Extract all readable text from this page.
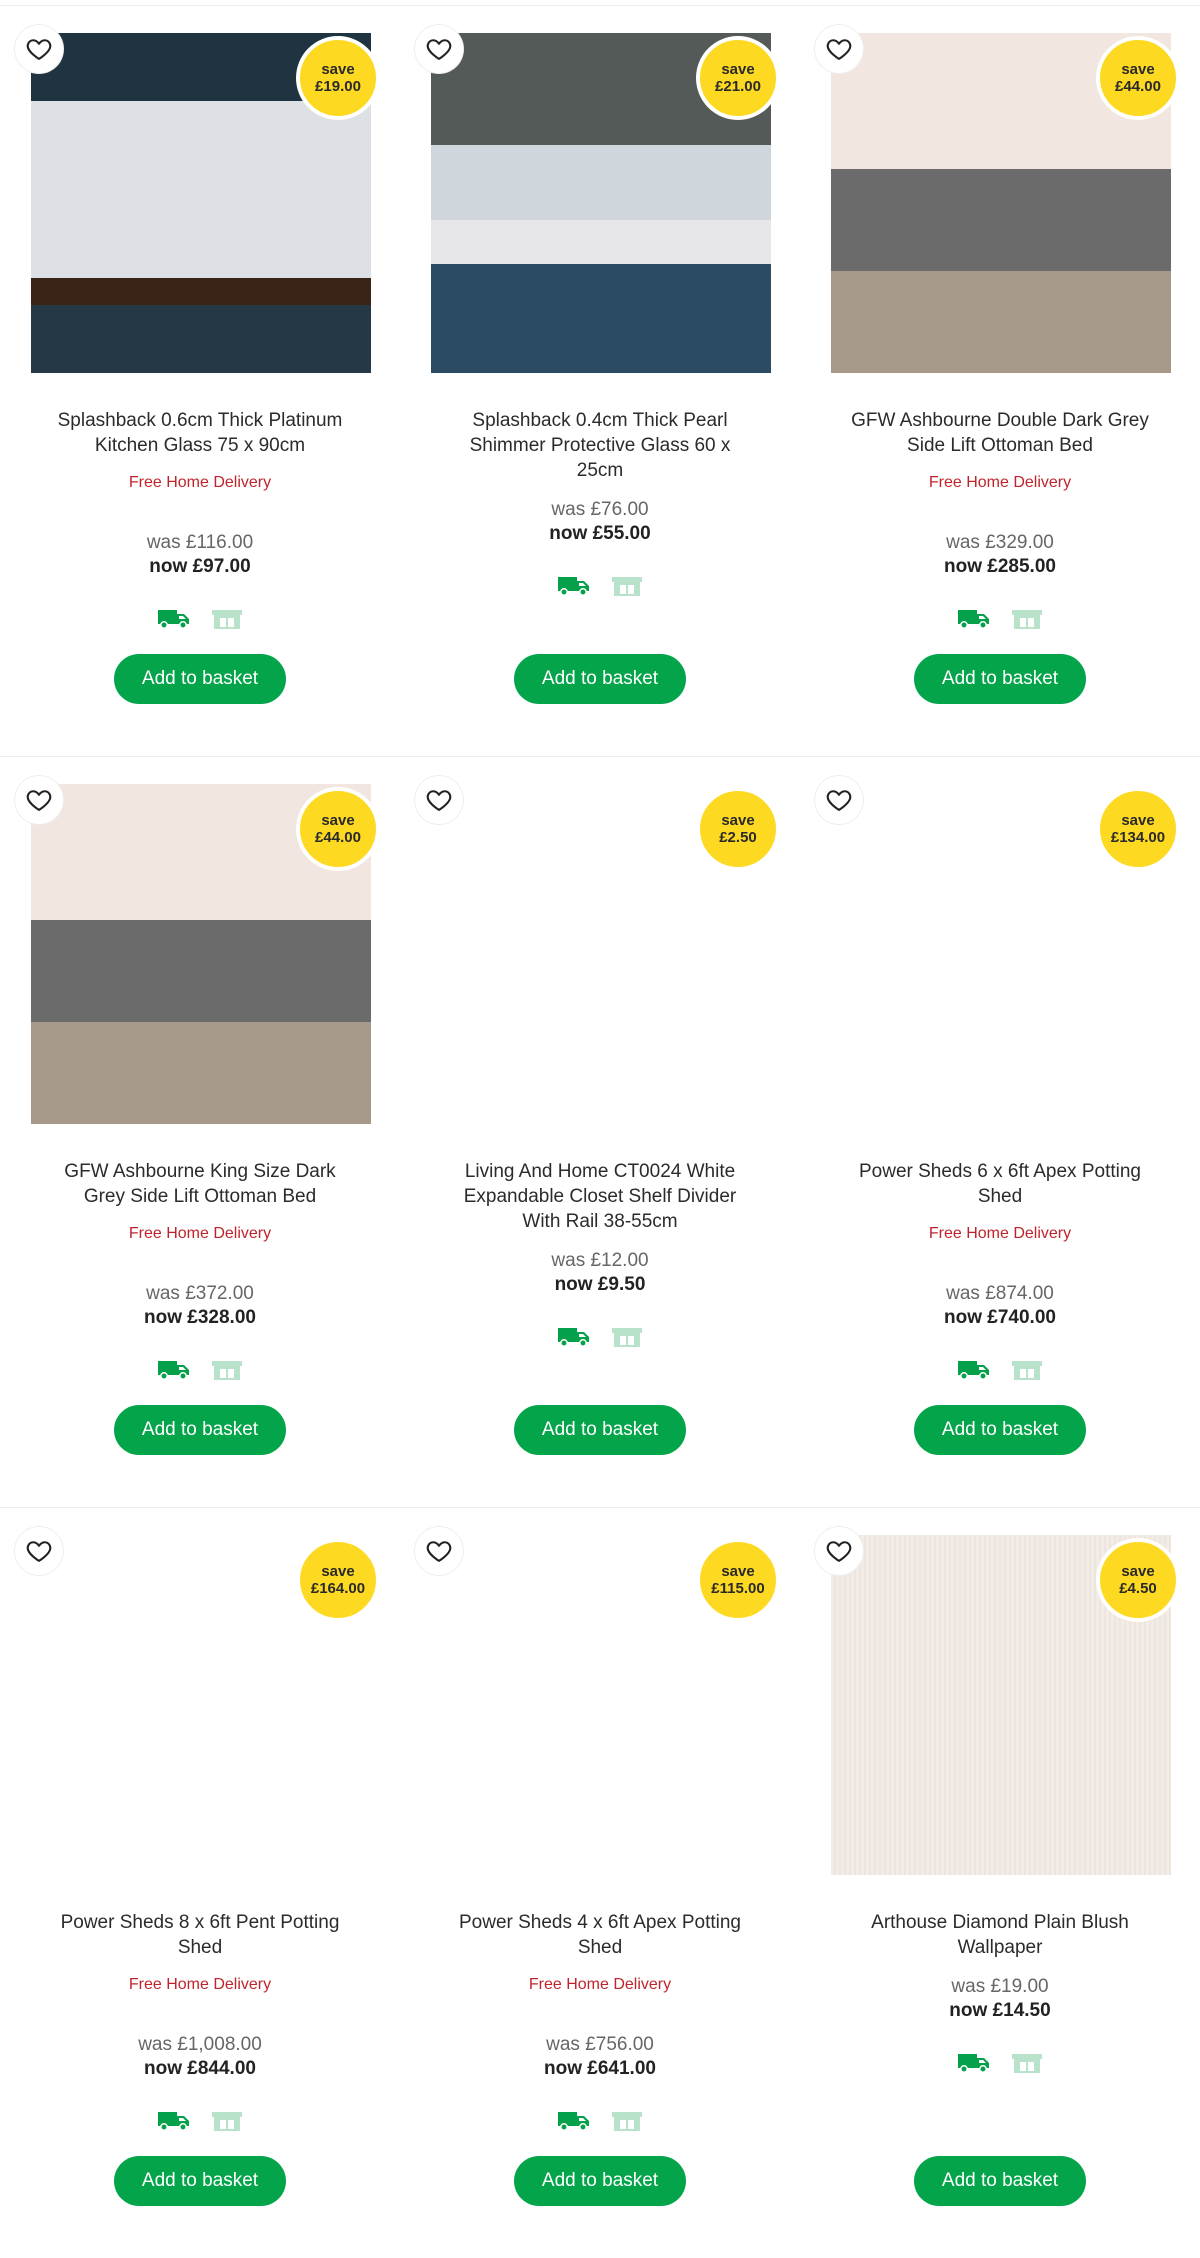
save
£19.00
Splashback 0.6cm Thick Platinum Kitchen Glass 75 x 90cm
Free Home Delivery
was £116.00
now £97.00
Add to basket
save
£21.00
Splashback 0.4cm Thick Pearl Shimmer Protective Glass 60 x 25cm
was £76.00
now £55.00
Add to basket
save
£44.00
GFW Ashbourne Double Dark Grey Side Lift Ottoman Bed
Free Home Delivery
was £329.00
now £285.00
Add to basket
save
£44.00
GFW Ashbourne King Size Dark Grey Side Lift Ottoman Bed
Free Home Delivery
was £372.00
now £328.00
Add to basket
save
£2.50
Living And Home CT0024 White Expandable Closet Shelf Divider With Rail 38-55cm
was £12.00
now £9.50
Add to basket
save
£134.00
Power Sheds 6 x 6ft Apex Potting Shed
Free Home Delivery
was £874.00
now £740.00
Add to basket
save
£164.00
Power Sheds 8 x 6ft Pent Potting Shed
Free Home Delivery
was £1,008.00
now £844.00
Add to basket
save
£115.00
Power Sheds 4 x 6ft Apex Potting Shed
Free Home Delivery
was £756.00
now £641.00
Add to basket
save
£4.50
Arthouse Diamond Plain Blush Wallpaper
was £19.00
now £14.50
Add to basket
